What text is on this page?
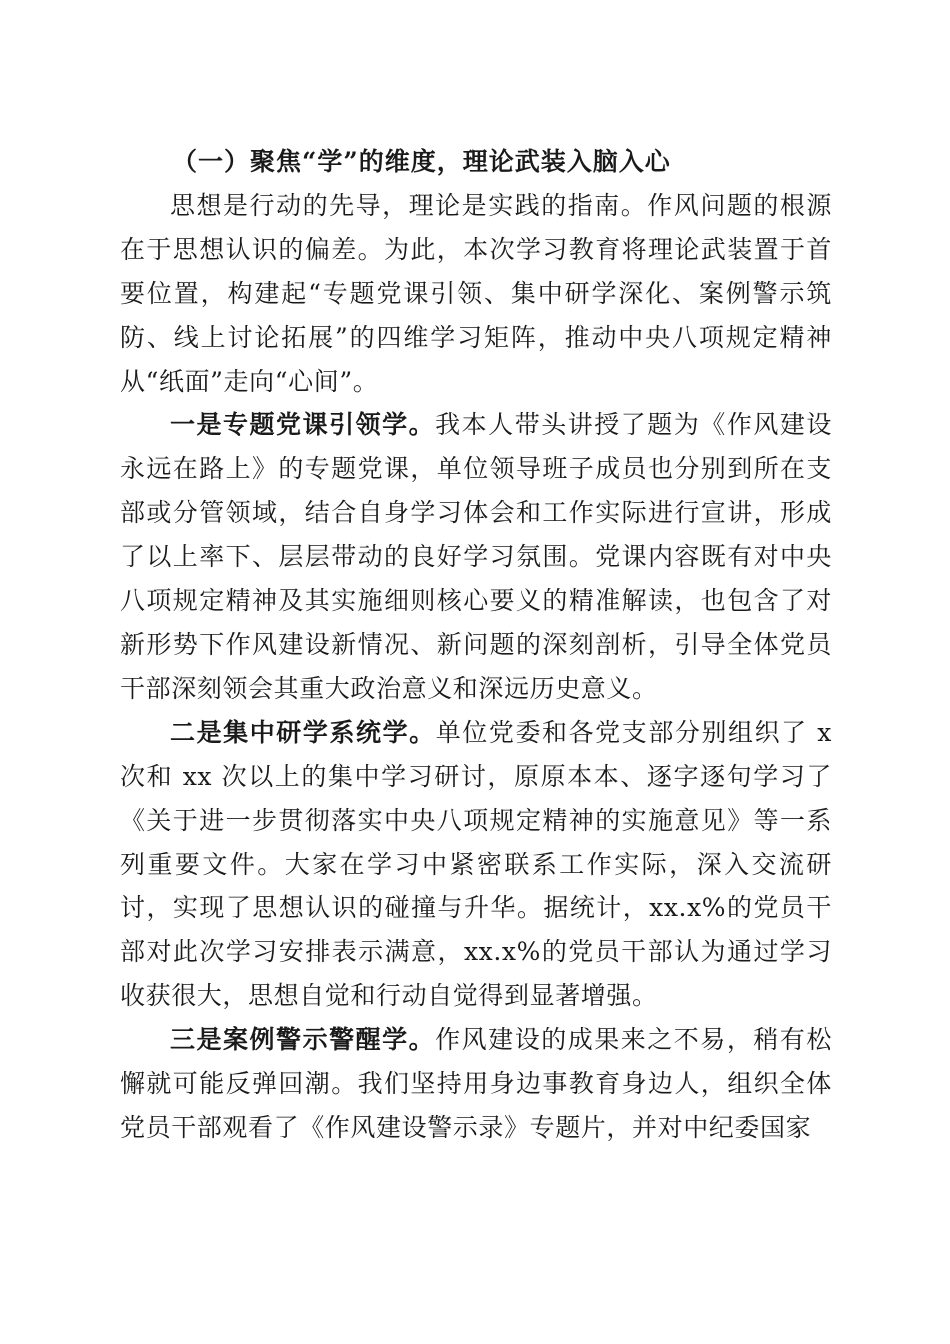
（一）聚焦“学”的维度，理论武装入脑入心

思想是行动的先导，理论是实践的指南。作风问题的根源在于思想认识的偏差。为此，本次学习教育将理论武装置于首要位置，构建起“专题党课引领、集中研学深化、案例警示筑防、线上讨论拓展”的四维学习矩阵，推动中央八项规定精神从“纸面”走向“心间”。

一是专题党课引领学。我本人带头讲授了题为《作风建设永远在路上》的专题党课，单位领导班子成员也分别到所在支部或分管领域，结合自身学习体会和工作实际进行宣讲，形成了以上率下、层层带动的良好学习氛围。党课内容既有对中央八项规定精神及其实施细则核心要义的精准解读，也包含了对新形势下作风建设新情况、新问题的深刻剖析，引导全体党员干部深刻领会其重大政治意义和深远历史意义。

二是集中研学系统学。单位党委和各党支部分别组织了 x 次和 xx 次以上的集中学习研讨，原原本本、逐字逐句学习了《关于进一步贯彻落实中央八项规定精神的实施意见》等一系列重要文件。大家在学习中紧密联系工作实际，深入交流研讨，实现了思想认识的碰撞与升华。据统计，xx.x%的党员干部对此次学习安排表示满意，xx.x%的党员干部认为通过学习收获很大，思想自觉和行动自觉得到显著增强。

三是案例警示警醒学。作风建设的成果来之不易，稍有松懈就可能反弹回潮。我们坚持用身边事教育身边人，组织全体党员干部观看了《作风建设警示录》专题片，并对中纪委国家
